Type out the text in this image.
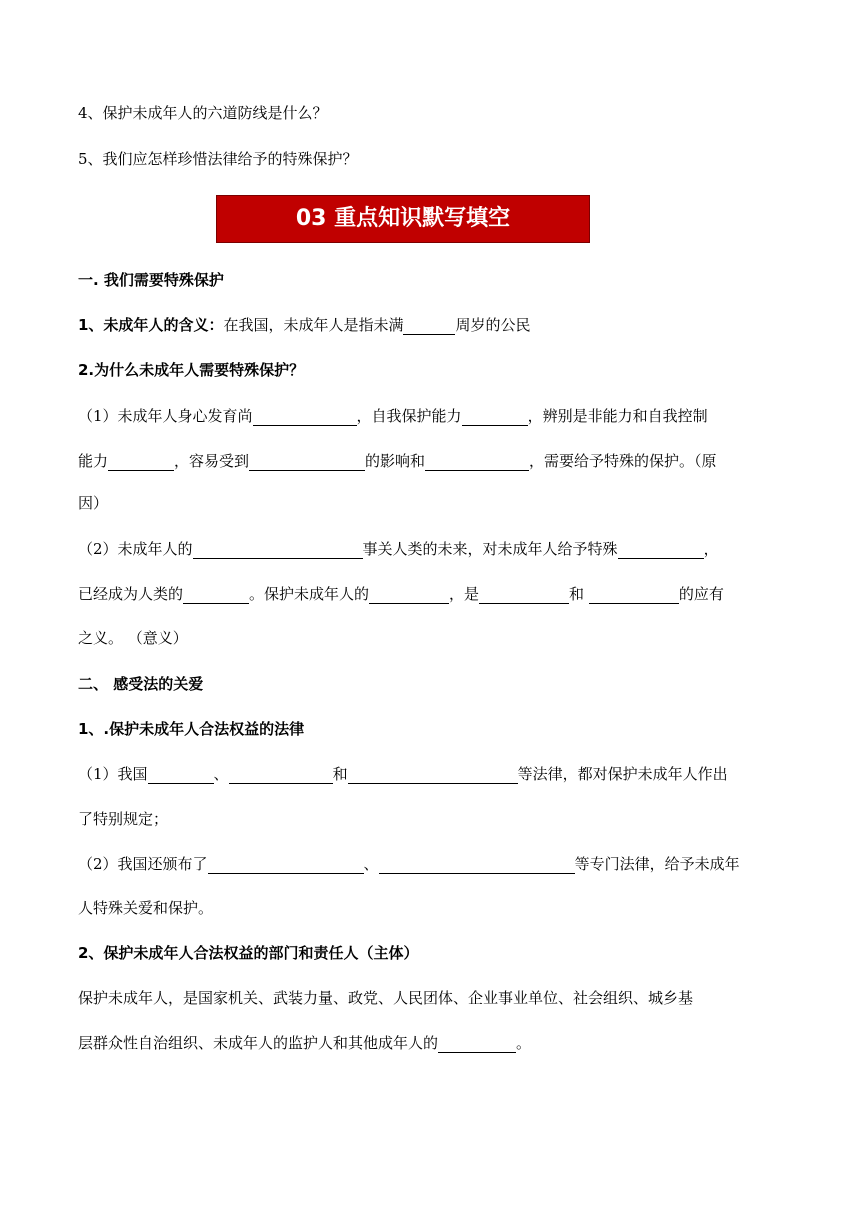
4、保护未成年人的六道防线是什么？
5、我们应怎样珍惜法律给予的特殊保护？
03 重点知识默写填空
一. 我们需要特殊保护
1、未成年人的含义：在我国，未成年人是指未满	周岁的公民
2.为什么未成年人需要特殊保护？
（1）未成年人身心发育尚	，自我保护能力	，辨别是非能力和自我控制
能力	，容易受到	的影响和	，需要给予特殊的保护。（原
因）
（2）未成年人的	事关人类的未来，对未成年人给予特殊	，
已经成为人类的	。保护未成年人的	，是	和	的应有
之义。 （意义）
二、 感受法的关爱
1、.保护未成年人合法权益的法律
（1）我国	、	和	等法律，都对保护未成年人作出
了特别规定；
（2）我国还颁布了	、	等专门法律，给予未成年
人特殊关爱和保护。
2、保护未成年人合法权益的部门和责任人（主体）
保护未成年人，是国家机关、武装力量、政党、人民团体、企业事业单位、社会组织、城乡基
层群众性自治组织、未成年人的监护人和其他成年人的	。
